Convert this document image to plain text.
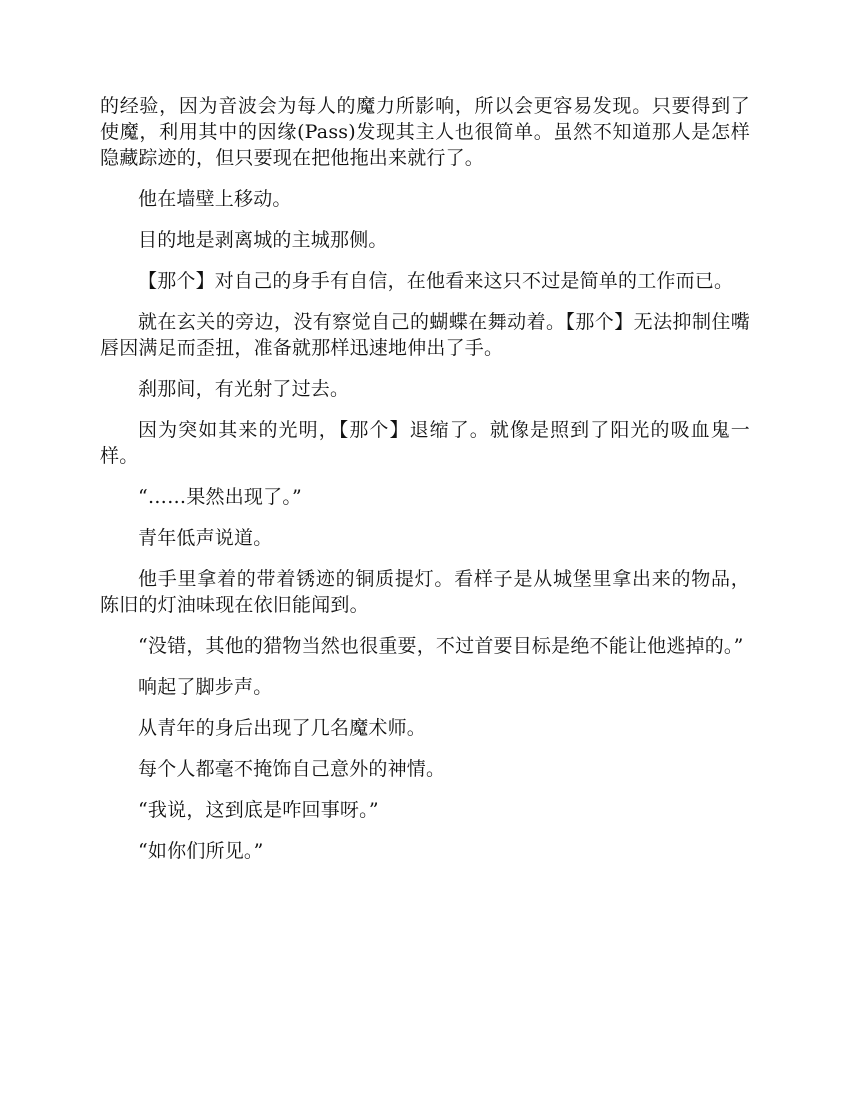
的经验，因为音波会为每人的魔力所影响，所以会更容易发现。只要得到了使魔，利用其中的因缘(Pass)发现其主人也很简单。虽然不知道那人是怎样隐藏踪迹的，但只要现在把他拖出来就行了。

他在墙壁上移动。

目的地是剥离城的主城那侧。

【那个】对自己的身手有自信，在他看来这只不过是简单的工作而已。

就在玄关的旁边，没有察觉自己的蝴蝶在舞动着。【那个】无法抑制住嘴唇因满足而歪扭，准备就那样迅速地伸出了手。

刹那间，有光射了过去。

因为突如其来的光明，【那个】退缩了。就像是照到了阳光的吸血鬼一样。

“……果然出现了。”

青年低声说道。

他手里拿着的带着锈迹的铜质提灯。看样子是从城堡里拿出来的物品，陈旧的灯油味现在依旧能闻到。

“没错，其他的猎物当然也很重要，不过首要目标是绝不能让他逃掉的。”

响起了脚步声。

从青年的身后出现了几名魔术师。

每个人都毫不掩饰自己意外的神情。

“我说，这到底是咋回事呀。”

“如你们所见。”
